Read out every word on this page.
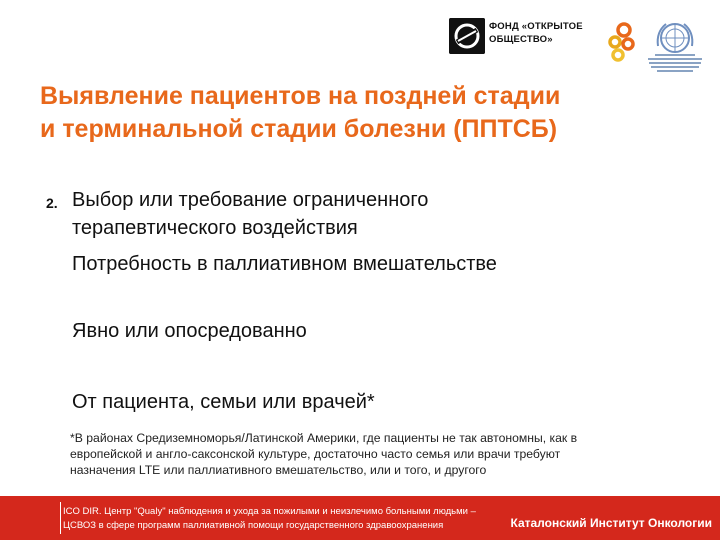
ФОНД «ОТКРЫТОЕ
ОБЩЕСТВО»
Выявление пациентов на поздней стадии
и терминальной стадии болезни (ППТСБ)
2. Выбор или требование ограниченного
терапевтического воздействия
Потребность в паллиативном вмешательстве
Явно или опосредованно
От пациента, семьи или врачей*
*В районах Средиземноморья/Латинской Америки, где пациенты не так автономны, как в
европейской и англо-саксонской культуре, достаточно часто семья или врачи требуют
назначения LTE или паллиативного вмешательство, или и того, и другого
ICO DIR. Центр "Qualy" наблюдения и ухода за пожилыми и неизлечимо больными людьми –
ЦСВОЗ в сфере программ паллиативной помощи государственного здравоохранения	Каталонский Институт Онкологии
